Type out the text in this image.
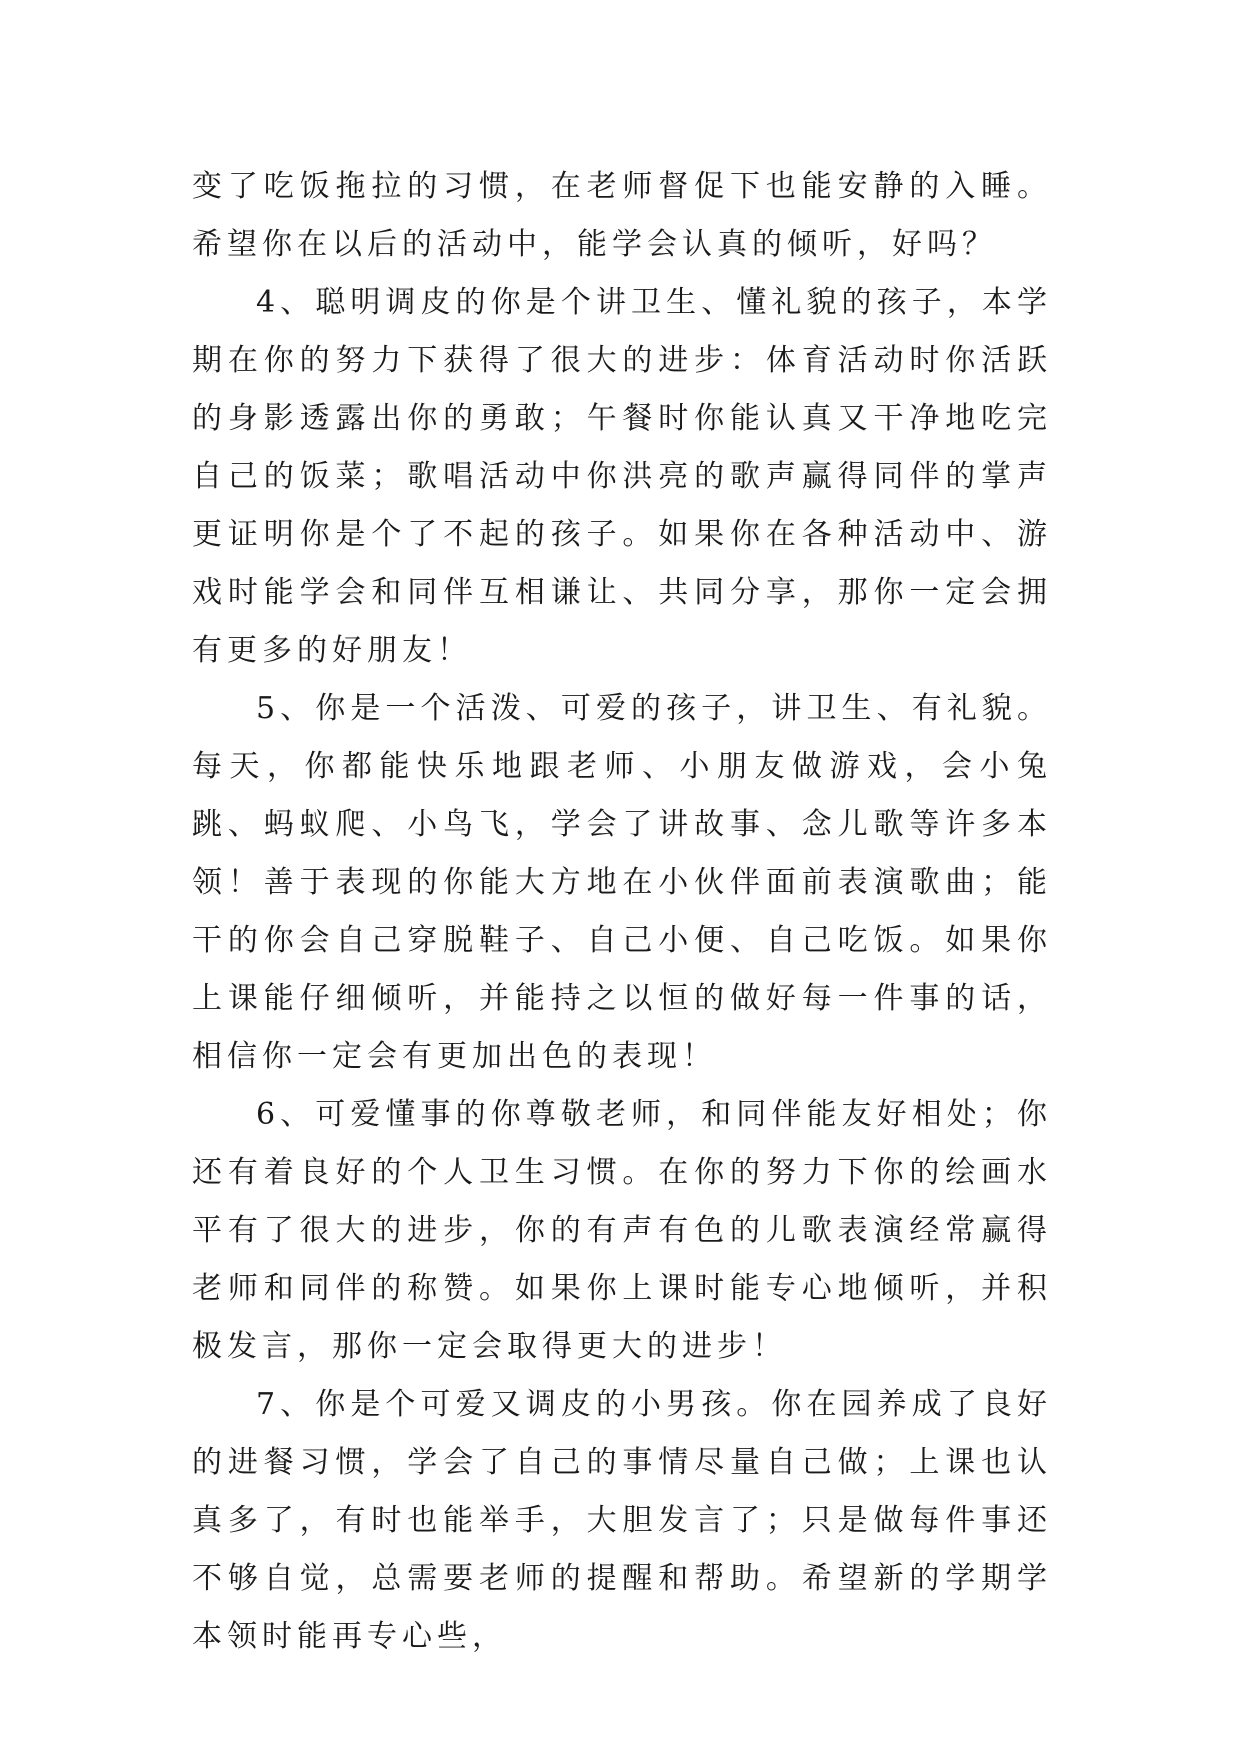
变了吃饭拖拉的习惯，在老师督促下也能安静的入睡。希望你在以后的活动中，能学会认真的倾听，好吗？

4、聪明调皮的你是个讲卫生、懂礼貌的孩子，本学期在你的努力下获得了很大的进步：体育活动时你活跃的身影透露出你的勇敢；午餐时你能认真又干净地吃完自己的饭菜；歌唱活动中你洪亮的歌声赢得同伴的掌声更证明你是个了不起的孩子。如果你在各种活动中、游戏时能学会和同伴互相谦让、共同分享，那你一定会拥有更多的好朋友！

5、你是一个活泼、可爱的孩子，讲卫生、有礼貌。每天，你都能快乐地跟老师、小朋友做游戏，会小兔跳、蚂蚁爬、小鸟飞，学会了讲故事、念儿歌等许多本领！善于表现的你能大方地在小伙伴面前表演歌曲；能干的你会自己穿脱鞋子、自己小便、自己吃饭。如果你上课能仔细倾听，并能持之以恒的做好每一件事的话，相信你一定会有更加出色的表现！

6、可爱懂事的你尊敬老师，和同伴能友好相处；你还有着良好的个人卫生习惯。在你的努力下你的绘画水平有了很大的进步，你的有声有色的儿歌表演经常赢得老师和同伴的称赞。如果你上课时能专心地倾听，并积极发言，那你一定会取得更大的进步！

7、你是个可爱又调皮的小男孩。你在园养成了良好的进餐习惯，学会了自己的事情尽量自己做；上课也认真多了，有时也能举手，大胆发言了；只是做每件事还不够自觉，总需要老师的提醒和帮助。希望新的学期学本领时能再专心些，
